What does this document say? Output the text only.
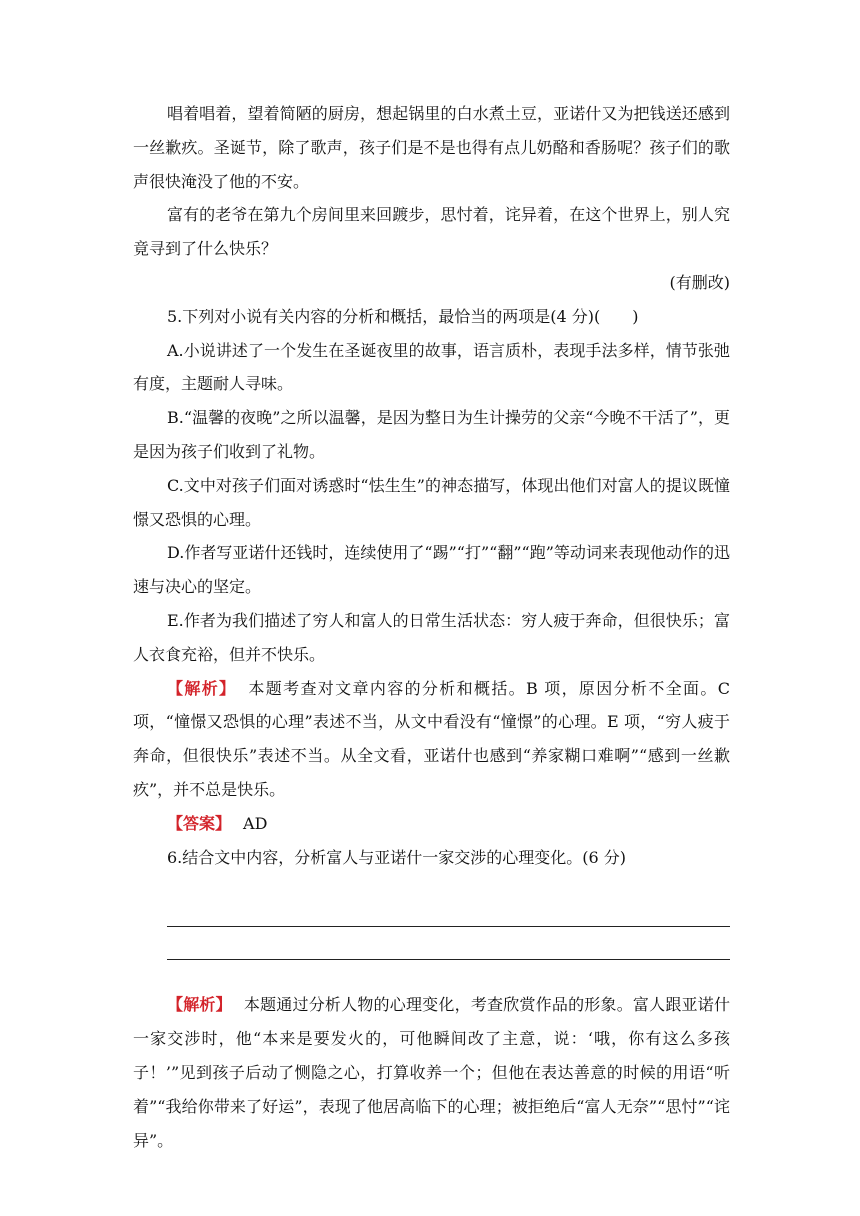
唱着唱着，望着简陋的厨房，想起锅里的白水煮土豆，亚诺什又为把钱送还感到一丝歉疚。圣诞节，除了歌声，孩子们是不是也得有点儿奶酪和香肠呢？孩子们的歌声很快淹没了他的不安。

富有的老爷在第九个房间里来回踱步，思忖着，诧异着，在这个世界上，别人究竟寻到了什么快乐？

(有删改)

5.下列对小说有关内容的分析和概括，最恰当的两项是(4 分)(　　)

A.小说讲述了一个发生在圣诞夜里的故事，语言质朴，表现手法多样，情节张弛有度，主题耐人寻味。

B.“温馨的夜晚”之所以温馨，是因为整日为生计操劳的父亲“今晚不干活了”，更是因为孩子们收到了礼物。

C.文中对孩子们面对诱惑时“怯生生”的神态描写，体现出他们对富人的提议既憧憬又恐惧的心理。

D.作者写亚诺什还钱时，连续使用了“踢”“打”“翻”“跑”等动词来表现他动作的迅速与决心的坚定。

E.作者为我们描述了穷人和富人的日常生活状态：穷人疲于奔命，但很快乐；富人衣食充裕，但并不快乐。

【解析】 本题考查对文章内容的分析和概括。B 项，原因分析不全面。C 项，“憧憬又恐惧的心理”表述不当，从文中看没有“憧憬”的心理。E 项，“穷人疲于奔命，但很快乐”表述不当。从全文看，亚诺什也感到“养家糊口难啊”“感到一丝歉疚”，并不总是快乐。

【答案】 AD

6.结合文中内容，分析富人与亚诺什一家交涉的心理变化。(6 分)

【解析】 本题通过分析人物的心理变化，考查欣赏作品的形象。富人跟亚诺什一家交涉时，他“本来是要发火的，可他瞬间改了主意，说：‘哦，你有这么多孩子！’”见到孩子后动了恻隐之心，打算收养一个；但他在表达善意的时候的用语“听着”“我给你带来了好运”，表现了他居高临下的心理；被拒绝后“富人无奈”“思忖”“诧异”。
